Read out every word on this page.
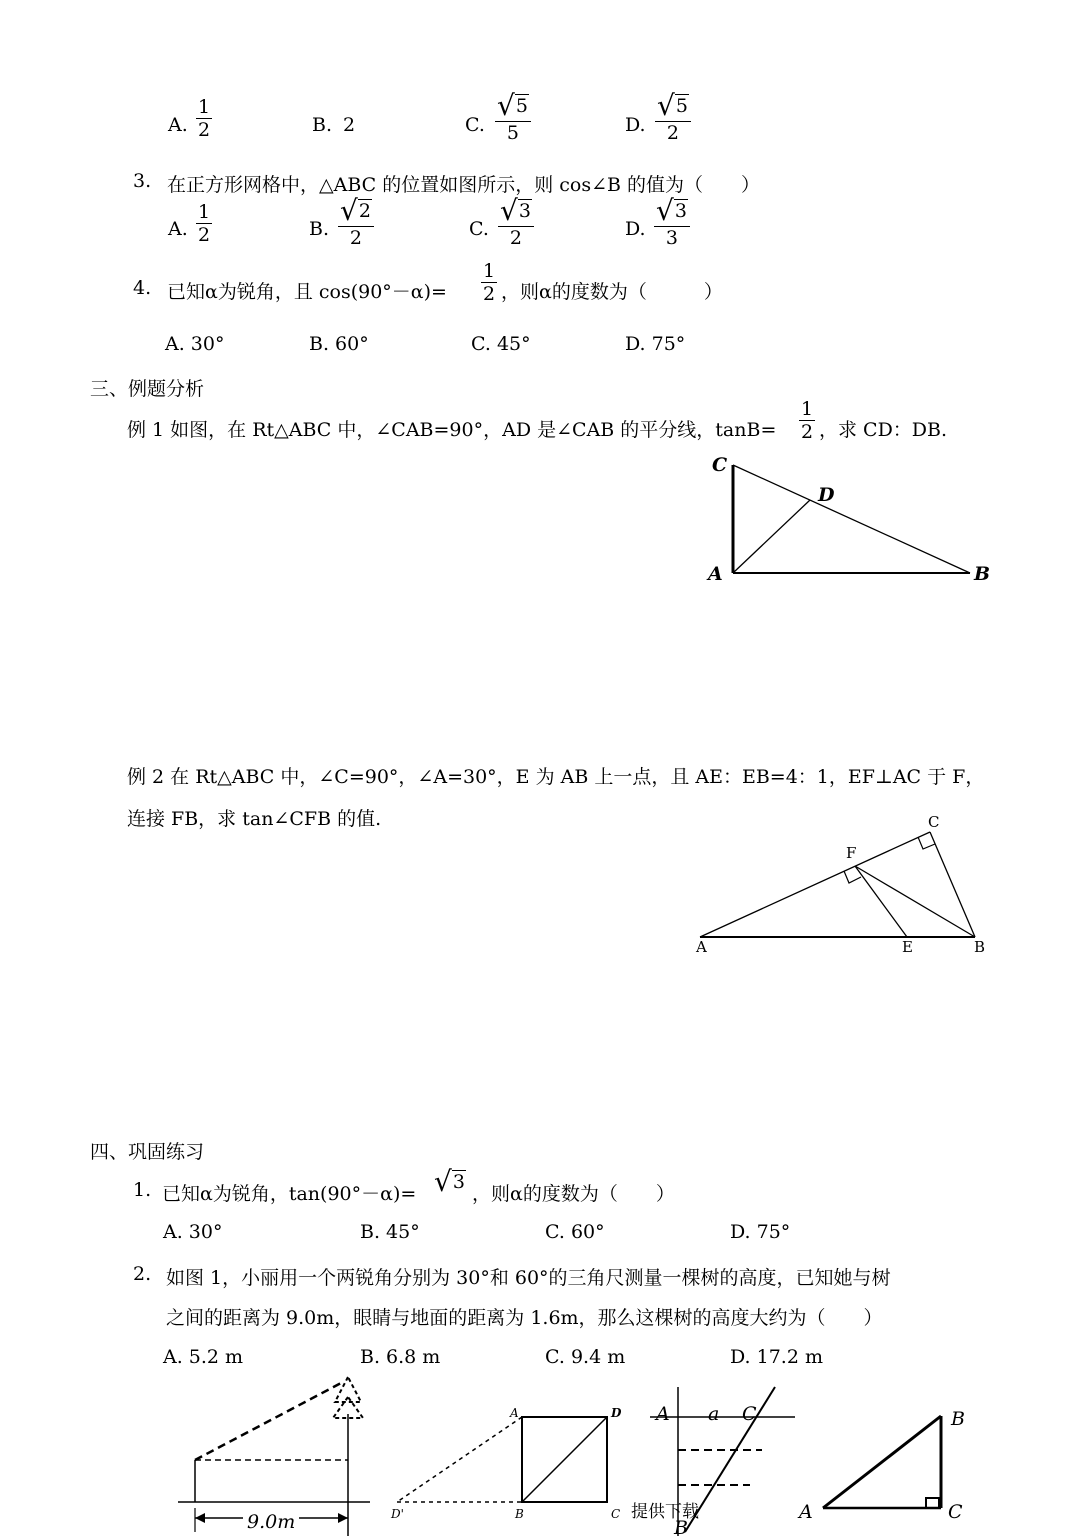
A.
1
2	B. 2	C.
√5
5	D.
√5
2
3. 在正方形网格中，△ABC 的位置如图所示，则 cos∠B 的值为（　　）
A.
1
2	B.
√2
2	C.
√3
2	D.
√3
3
4. 已知α为锐角，且 cos(90°－α)=
1
2 ，则α的度数为（　　　）
A. 30°	B. 60°	C. 45°	D. 75°
三、例题分析
例 1 如图，在 Rt△ABC 中，∠CAB=90°，AD 是∠CAB 的平分线，tanB=
1
2 ，求 CD：DB.
C
D
A	B
例 2 在 Rt△ABC 中，∠C=90°，∠A=30°，E 为 AB 上一点，且 AE：EB=4：1，EF⊥AC 于 F，
连接 FB，求 tan∠CFB 的值.	C
F
A	E	B
四、巩固练习
1. 已知α为锐角，tan(90°－α)= √3
，则α的度数为（　　）
A. 30°	B. 45°	C. 60°	D. 75°
2. 如图 1，小丽用一个两锐角分别为 30°和 60°的三角尺测量一棵树的高度，已知她与树
之间的距离为 9.0m，眼睛与地面的距离为 1.6m，那么这棵树的高度大约为（　　）
A. 5.2 m	B. 6.8 m	C. 9.4 m	D. 17.2 m
9.0m
A	D
B	C
D'
A a C
B
提供下载	A
B
C
